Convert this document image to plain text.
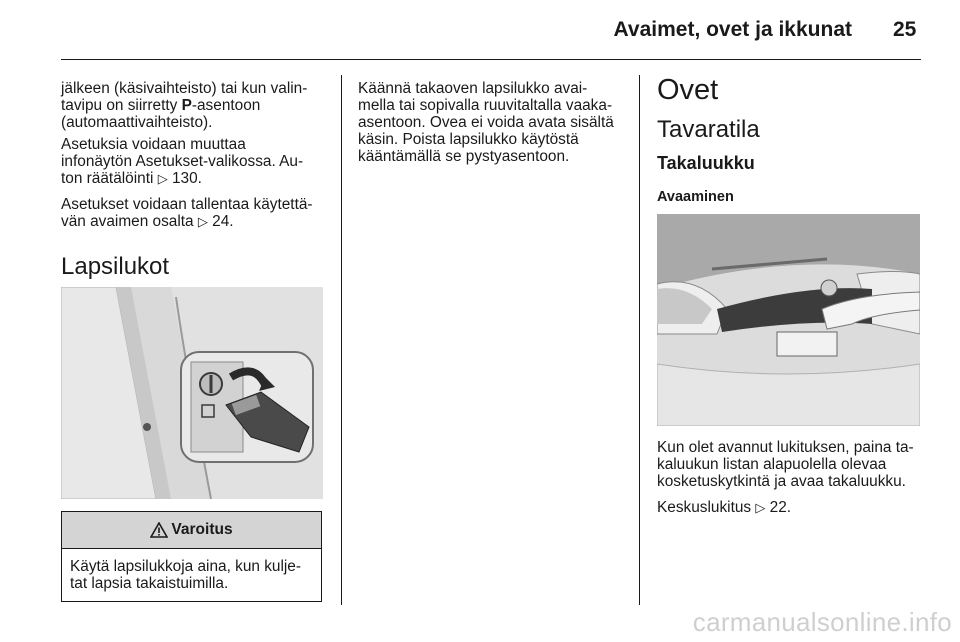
Avaimet, ovet ja ikkunat 25
jälkeen (käsivaihteisto) tai kun valin-
tavipu on siirretty P-asentoon
(automaattivaihteisto).
Asetuksia voidaan muuttaa
infonäytön Asetukset-valikossa. Au-
ton räätälöinti ▷ 130.
Asetukset voidaan tallentaa käytettä-
vän avaimen osalta ▷ 24.
Lapsilukot
Varoitus
Käytä lapsilukkoja aina, kun kulje-
tat lapsia takaistuimilla.
Käännä takaoven lapsilukko avai-
mella tai sopivalla ruuvitaltalla vaaka-
asentoon. Ovea ei voida avata sisältä
käsin. Poista lapsilukko käytöstä
kääntämällä se pystyasentoon.
Ovet
Tavaratila
Takaluukku
Avaaminen
Kun olet avannut lukituksen, paina ta-
kaluukun listan alapuolella olevaa
kosketuskytkintä ja avaa takaluukku.
Keskuslukitus ▷ 22.
carmanualsonline.info
